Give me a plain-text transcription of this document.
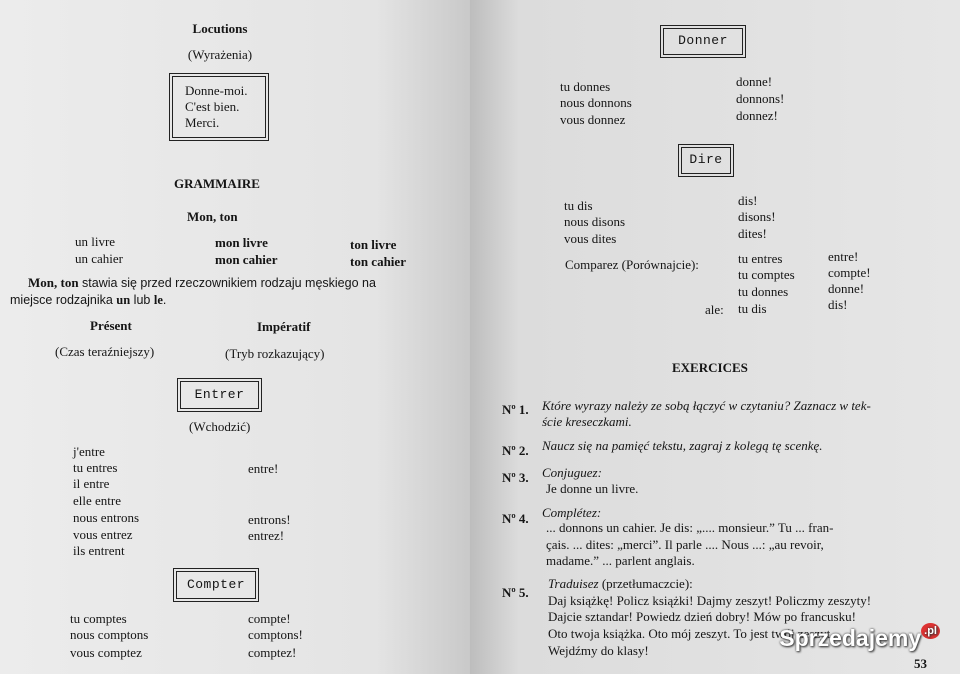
Locutions
(Wyrażenia)
Donne-moi.
C'est bien.
Merci.
GRAMMAIRE
Mon, ton
un livre
un cahier
mon livre
mon cahier
ton livre
ton cahier
Mon, ton stawia się przed rzeczownikiem rodzaju męskiego na
miejsce rodzajnika un lub le.
Présent
(Czas teraźniejszy)
Impératif
(Tryb rozkazujący)
Entrer
(Wchodzić)
j'entre
tu entres
il entre
elle entre
nous entrons
vous entrez
ils entrent
entre!
entrons!
entrez!
Compter
tu comptes
nous comptons
vous comptez
compte!
comptons!
comptez!
Donner
tu donnes
nous donnons
vous donnez
donne!
donnons!
donnez!
Dire
tu dis
nous disons
vous dites
dis!
disons!
dites!
Comparez (Porównajcie):	tu entres
tu comptes
tu donnes
ale: tu dis
entre!
compte!
donne!
dis!
EXERCICES
Nº 1. Które wyrazy należy ze sobą łączyć w czytaniu? Zaznacz w tek-
ście kreseczkami.
Nº 2. Naucz się na pamięć tekstu, zagraj z kolegą tę scenkę.
Nº 3. Conjuguez:
Je donne un livre.
Nº 4. Complétez:
... donnons un cahier. Je dis: „.... monsieur.” Tu ... fran-
çais. ... dites: „merci”. Il parle .... Nous ...: „au revoir,
madame.” ... parlent anglais.
Nº 5.
Traduisez (przetłumaczcie):
Daj książkę! Policz książki! Dajmy zeszyt! Policzmy zeszyty!
Dajcie sztandar! Powiedz dzień dobry! Mów po francusku!
Oto twoja książka. Oto mój zeszyt. To jest twój zeszyt.
Wejdźmy do klasy!
53
Sprzedajemy $^{.pl}$
